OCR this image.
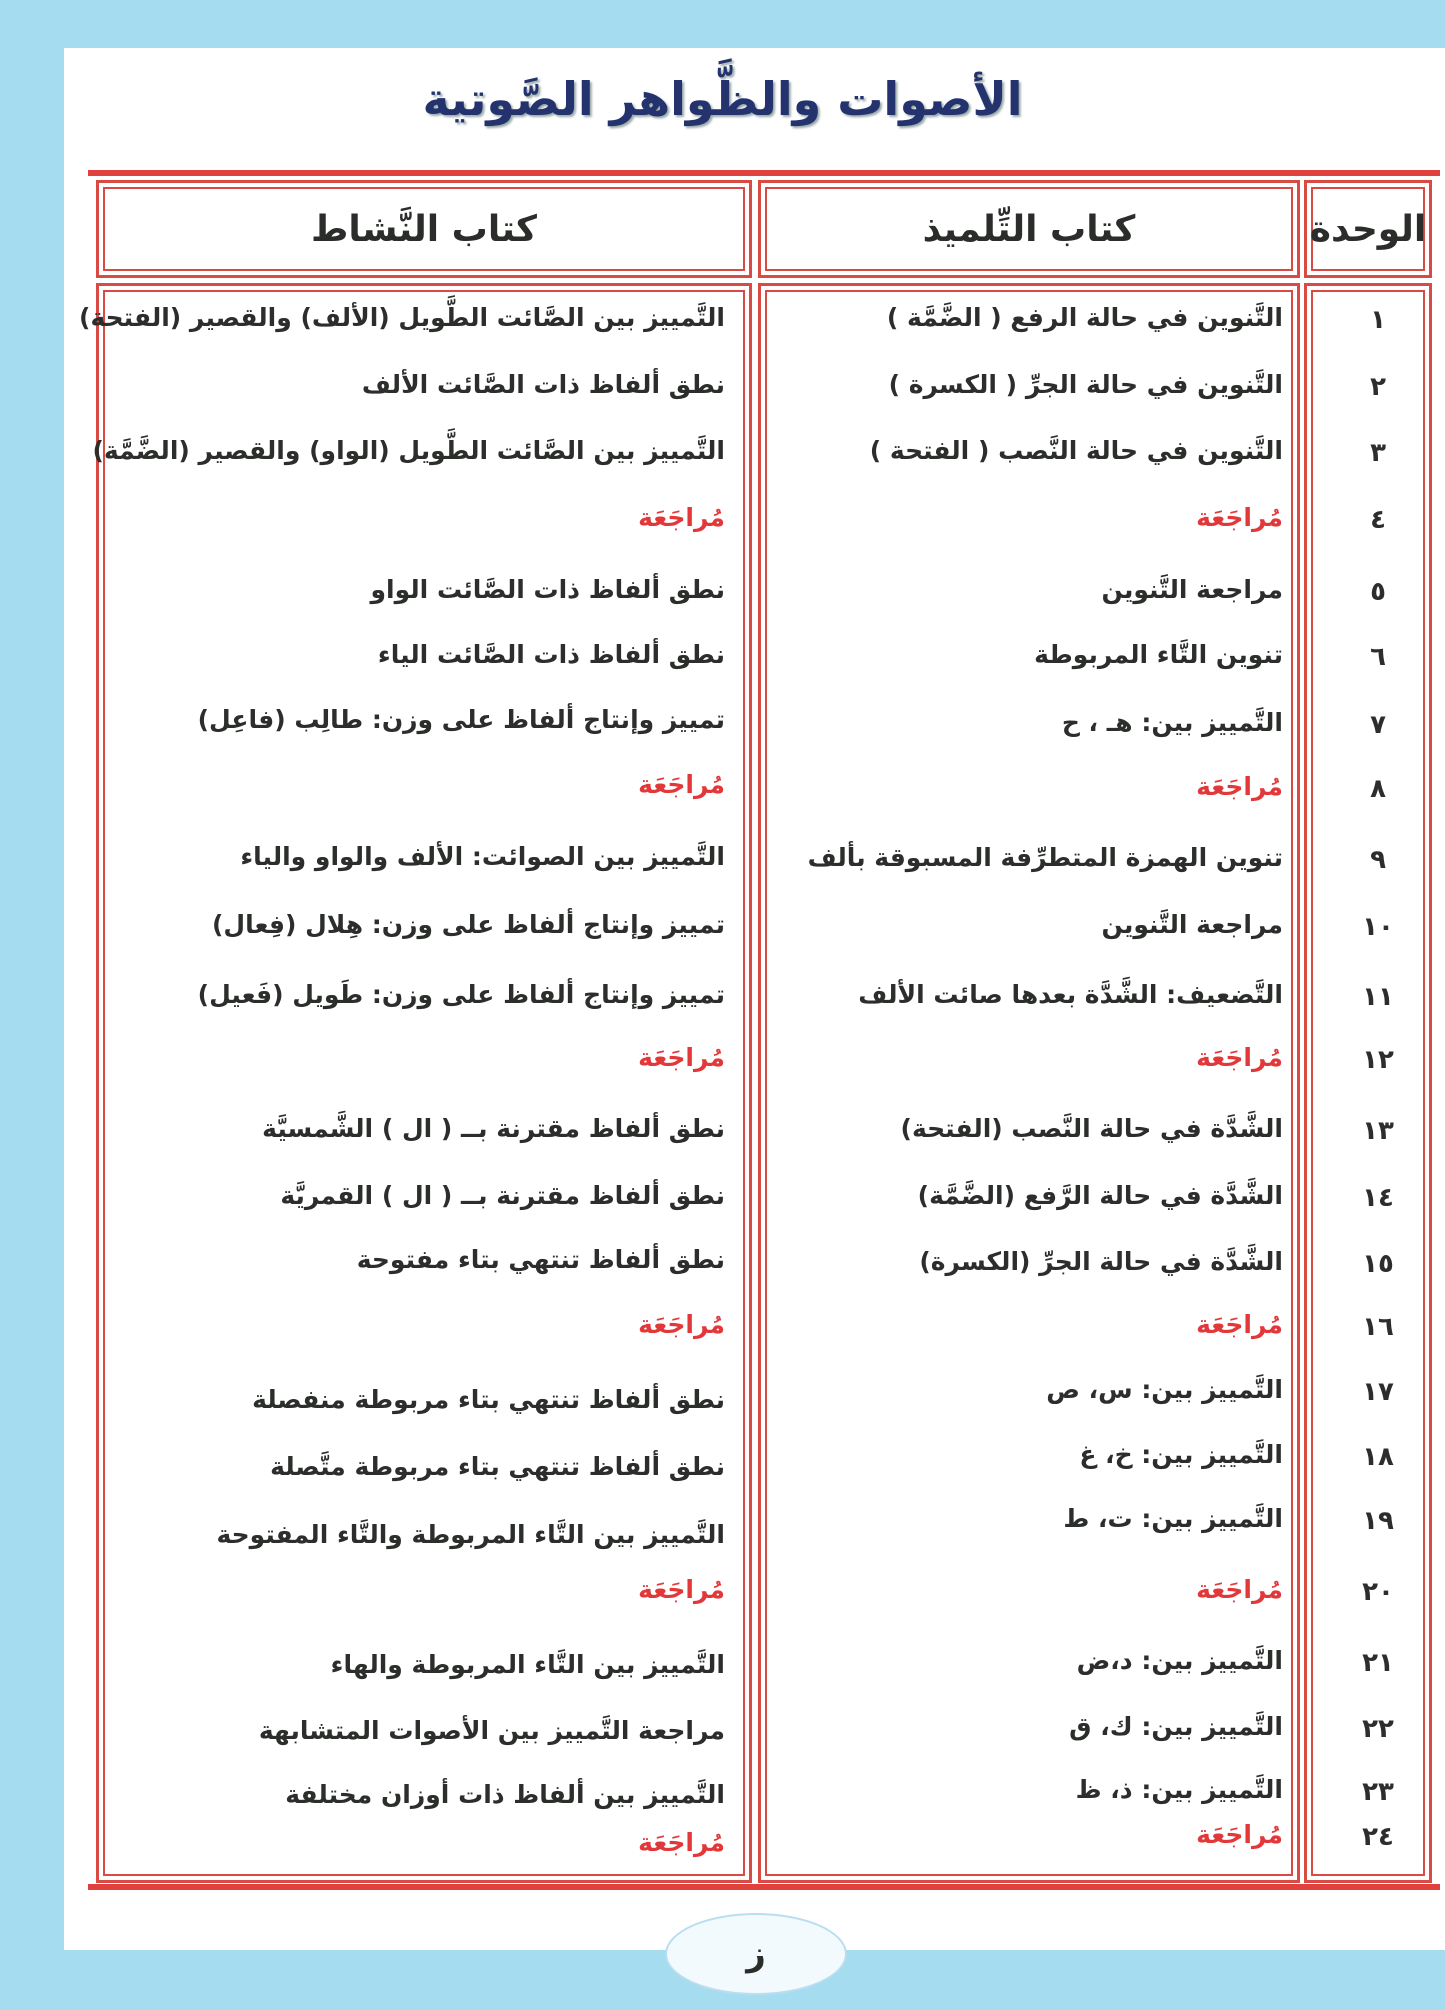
الأصوات والظَّواهر الصَّوتية
الوحدة
كتاب التِّلميذ
كتاب النَّشاط
١
التَّنوين في حالة الرفع ( الضَّمَّة )
٢
التَّنوين في حالة الجرِّ ( الكسرة )
٣
التَّنوين في حالة النَّصب ( الفتحة )
٤
مُراجَعَة
٥
مراجعة التَّنوين
٦
تنوين التَّاء المربوطة
٧
التَّمييز بين: هـ ، ح
٨
مُراجَعَة
٩
تنوين الهمزة المتطرِّفة المسبوقة بألف
١٠
مراجعة التَّنوين
١١
التَّضعيف: الشَّدَّة بعدها صائت الألف
١٢
مُراجَعَة
١٣
الشَّدَّة في حالة النَّصب (الفتحة)
١٤
الشَّدَّة في حالة الرَّفع (الضَّمَّة)
١٥
الشَّدَّة في حالة الجرِّ (الكسرة)
١٦
مُراجَعَة
١٧
التَّمييز بين: س، ص
١٨
التَّمييز بين: خ، غ
١٩
التَّمييز بين: ت، ط
٢٠
مُراجَعَة
٢١
التَّمييز بين: د،ض
٢٢
التَّمييز بين: ك، ق
٢٣
التَّمييز بين: ذ، ظ
٢٤
مُراجَعَة
التَّمييز بين الصَّائت الطَّويل (الألف) والقصير (الفتحة)
نطق ألفاظ ذات الصَّائت الألف
التَّمييز بين الصَّائت الطَّويل (الواو) والقصير (الضَّمَّة)
مُراجَعَة
نطق ألفاظ ذات الصَّائت الواو
نطق ألفاظ ذات الصَّائت الياء
تمييز وإنتاج ألفاظ على وزن: طالِب (فاعِل)
مُراجَعَة
التَّمييز بين الصوائت: الألف والواو والياء
تمييز وإنتاج ألفاظ على وزن: هِلال (فِعال)
تمييز وإنتاج ألفاظ على وزن: طَويل (فَعيل)
مُراجَعَة
نطق ألفاظ مقترنة بــ ( ال ) الشَّمسيَّة
نطق ألفاظ مقترنة بــ ( ال ) القمريَّة
نطق ألفاظ تنتهي بتاء مفتوحة
مُراجَعَة
نطق ألفاظ تنتهي بتاء مربوطة منفصلة
نطق ألفاظ تنتهي بتاء مربوطة متَّصلة
التَّمييز بين التَّاء المربوطة والتَّاء المفتوحة
مُراجَعَة
التَّمييز بين التَّاء المربوطة والهاء
مراجعة التَّمييز بين الأصوات المتشابهة
التَّمييز بين ألفاظ ذات أوزان مختلفة
مُراجَعَة
ز
